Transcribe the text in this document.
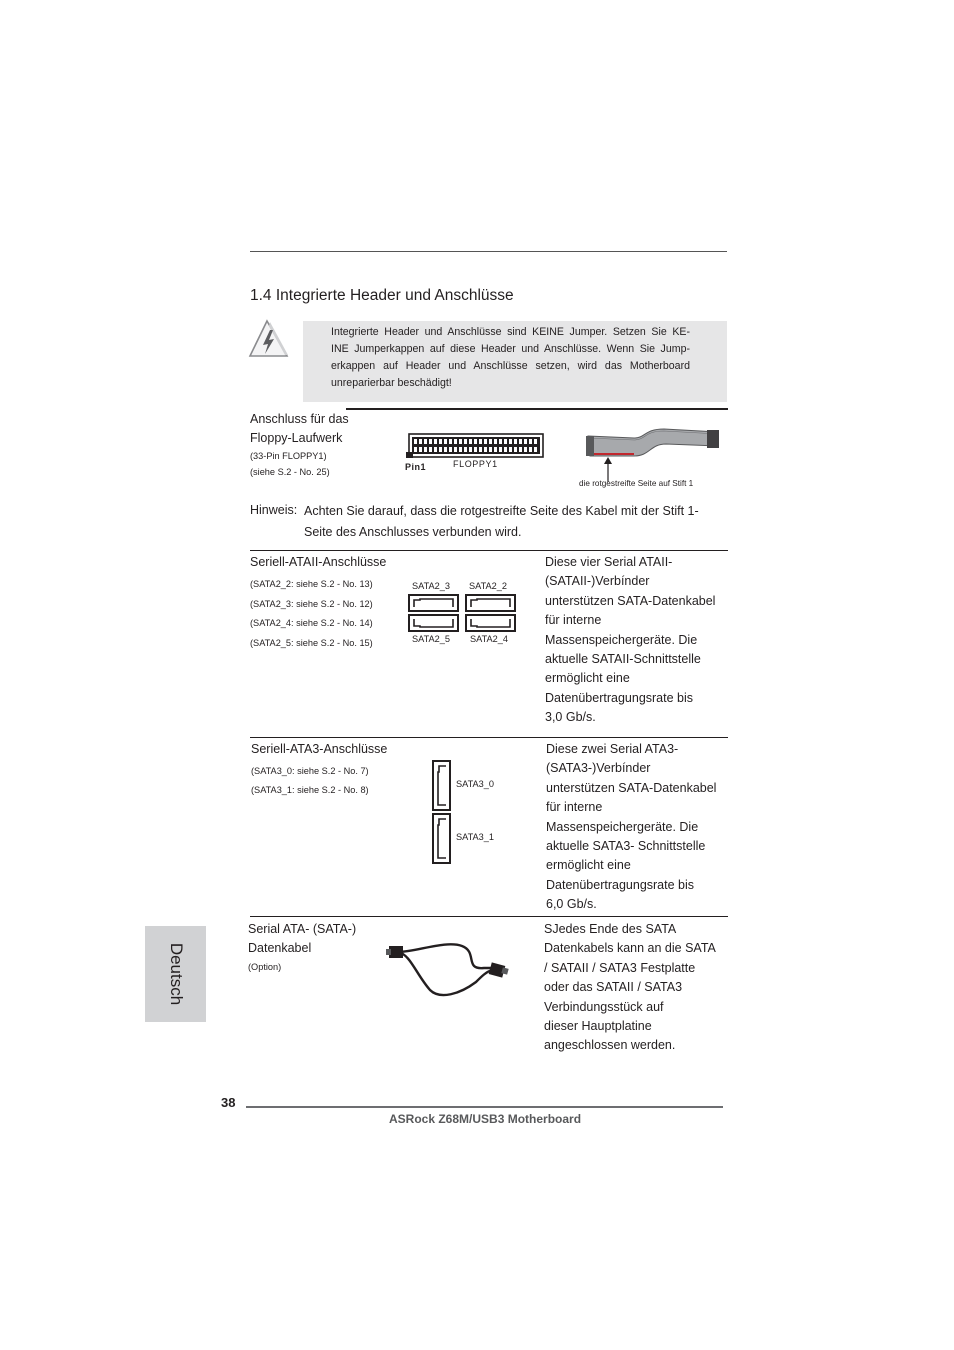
1.4 Integrierte Header und Anschlüsse
Integrierte Header und Anschlüsse sind KEINE Jumper. Setzen Sie KE-
INE Jumperkappen auf diese Header und Anschlüsse. Wenn Sie Jump-
erkappen auf Header und Anschlüsse setzen, wird das Motherboard
unreparierbar beschädigt!
Anschluss für das
Floppy-Laufwerk
(33-Pin FLOPPY1)
(siehe S.2 - No. 25)	Pin1	FLOPPY1
die rotgestreifte Seite auf Stift 1
Hinweis: Achten Sie darauf, dass die rotgestreifte Seite des Kabel mit der Stift 1-
Seite des Anschlusses verbunden wird.
Seriell-ATAII-Anschlüsse
(SATA2_2: siehe S.2 - No. 13)
(SATA2_3: siehe S.2 - No. 12)
(SATA2_4: siehe S.2 - No. 14)
(SATA2_5: siehe S.2 - No. 15)
SATA2_3 SATA2_2
SATA2_5 SATA2_4
Diese vier Serial ATAII-
(SATAII-)Verbínder
unterstützen SATA-Datenkabel
für interne
Massenspeichergeräte. Die
aktuelle SATAII-Schnittstelle
ermöglicht eine
Datenübertragungsrate bis
3,0 Gb/s.
Seriell-ATA3-Anschlüsse
(SATA3_0: siehe S.2 - No. 7)
(SATA3_1: siehe S.2 - No. 8)
SATA3_0
SATA3_1
Diese zwei Serial ATA3-
(SATA3-)Verbínder
unterstützen SATA-Datenkabel
für interne
Massenspeichergeräte. Die
aktuelle SATA3- Schnittstelle
ermöglicht eine
Datenübertragungsrate bis
6,0 Gb/s.
Serial ATA- (SATA-)
Datenkabel
(Option)
SJedes Ende des SATA
Datenkabels kann an die SATA
/ SATAII / SATA3 Festplatte
oder das SATAII / SATA3
Verbindungsstück auf
dieser Hauptplatine
angeschlossen werden.
Deutsch
38
ASRock Z68M/USB3 Motherboard
